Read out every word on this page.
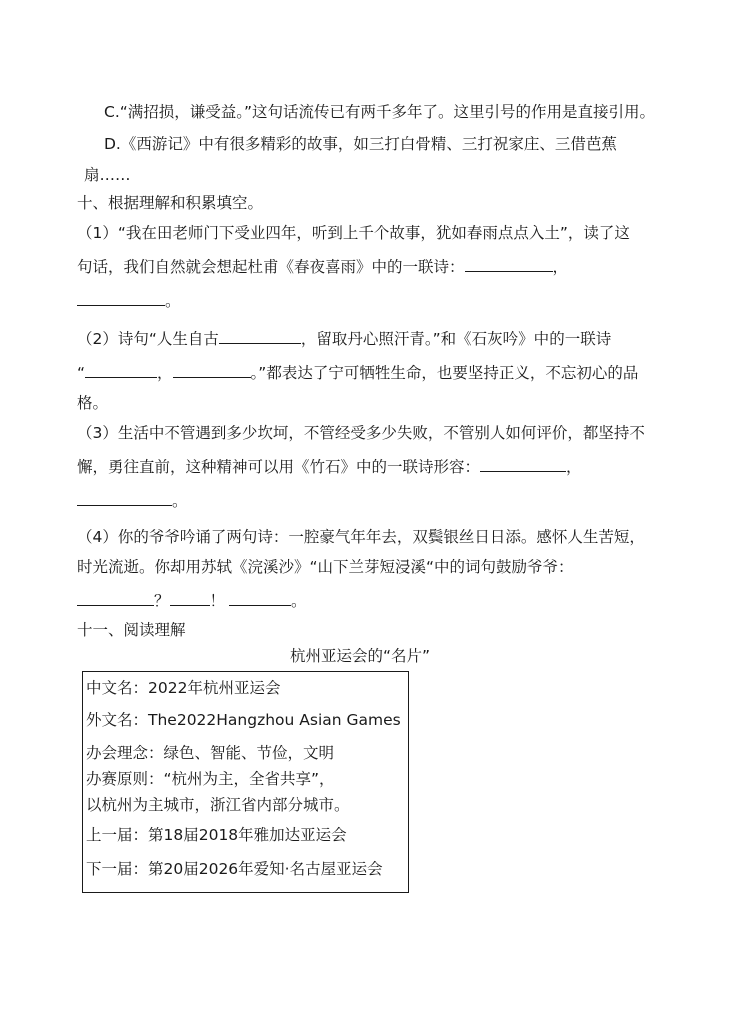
C.“满招损，谦受益。”这句话流传已有两千多年了。这里引号的作用是直接引用。
D.《西游记》中有很多精彩的故事，如三打白骨精、三打祝家庄、三借芭蕉
扇……
十、根据理解和积累填空。
（1）“我在田老师门下受业四年，听到上千个故事，犹如春雨点点入土”，读了这
句话，我们自然就会想起杜甫《春夜喜雨》中的一联诗：	，
。
（2）诗句“人生自古	，留取丹心照汗青。”和《石灰吟》中的一联诗
“	，	。”都表达了宁可牺牲生命，也要坚持正义，不忘初心的品
格。
（3）生活中不管遇到多少坎坷，不管经受多少失败，不管别人如何评价，都坚持不
懈，勇往直前，这种精神可以用《竹石》中的一联诗形容：	，
。
（4）你的爷爷吟诵了两句诗：一腔豪气年年去，双鬓银丝日日添。感怀人生苦短，
时光流逝。你却用苏轼《浣溪沙》“山下兰芽短浸溪“中的词句鼓励爷爷：
？	！	。
十一、阅读理解
杭州亚运会的“名片”
中文名：2022年杭州亚运会
外文名：The2022Hangzhou Asian Games
办会理念：绿色、智能、节俭，文明
办赛原则：“杭州为主，全省共享”，
以杭州为主城市，浙江省内部分城市。
上一届：第18届2018年雅加达亚运会
下一届：第20届2026年爱知·名古屋亚运会
